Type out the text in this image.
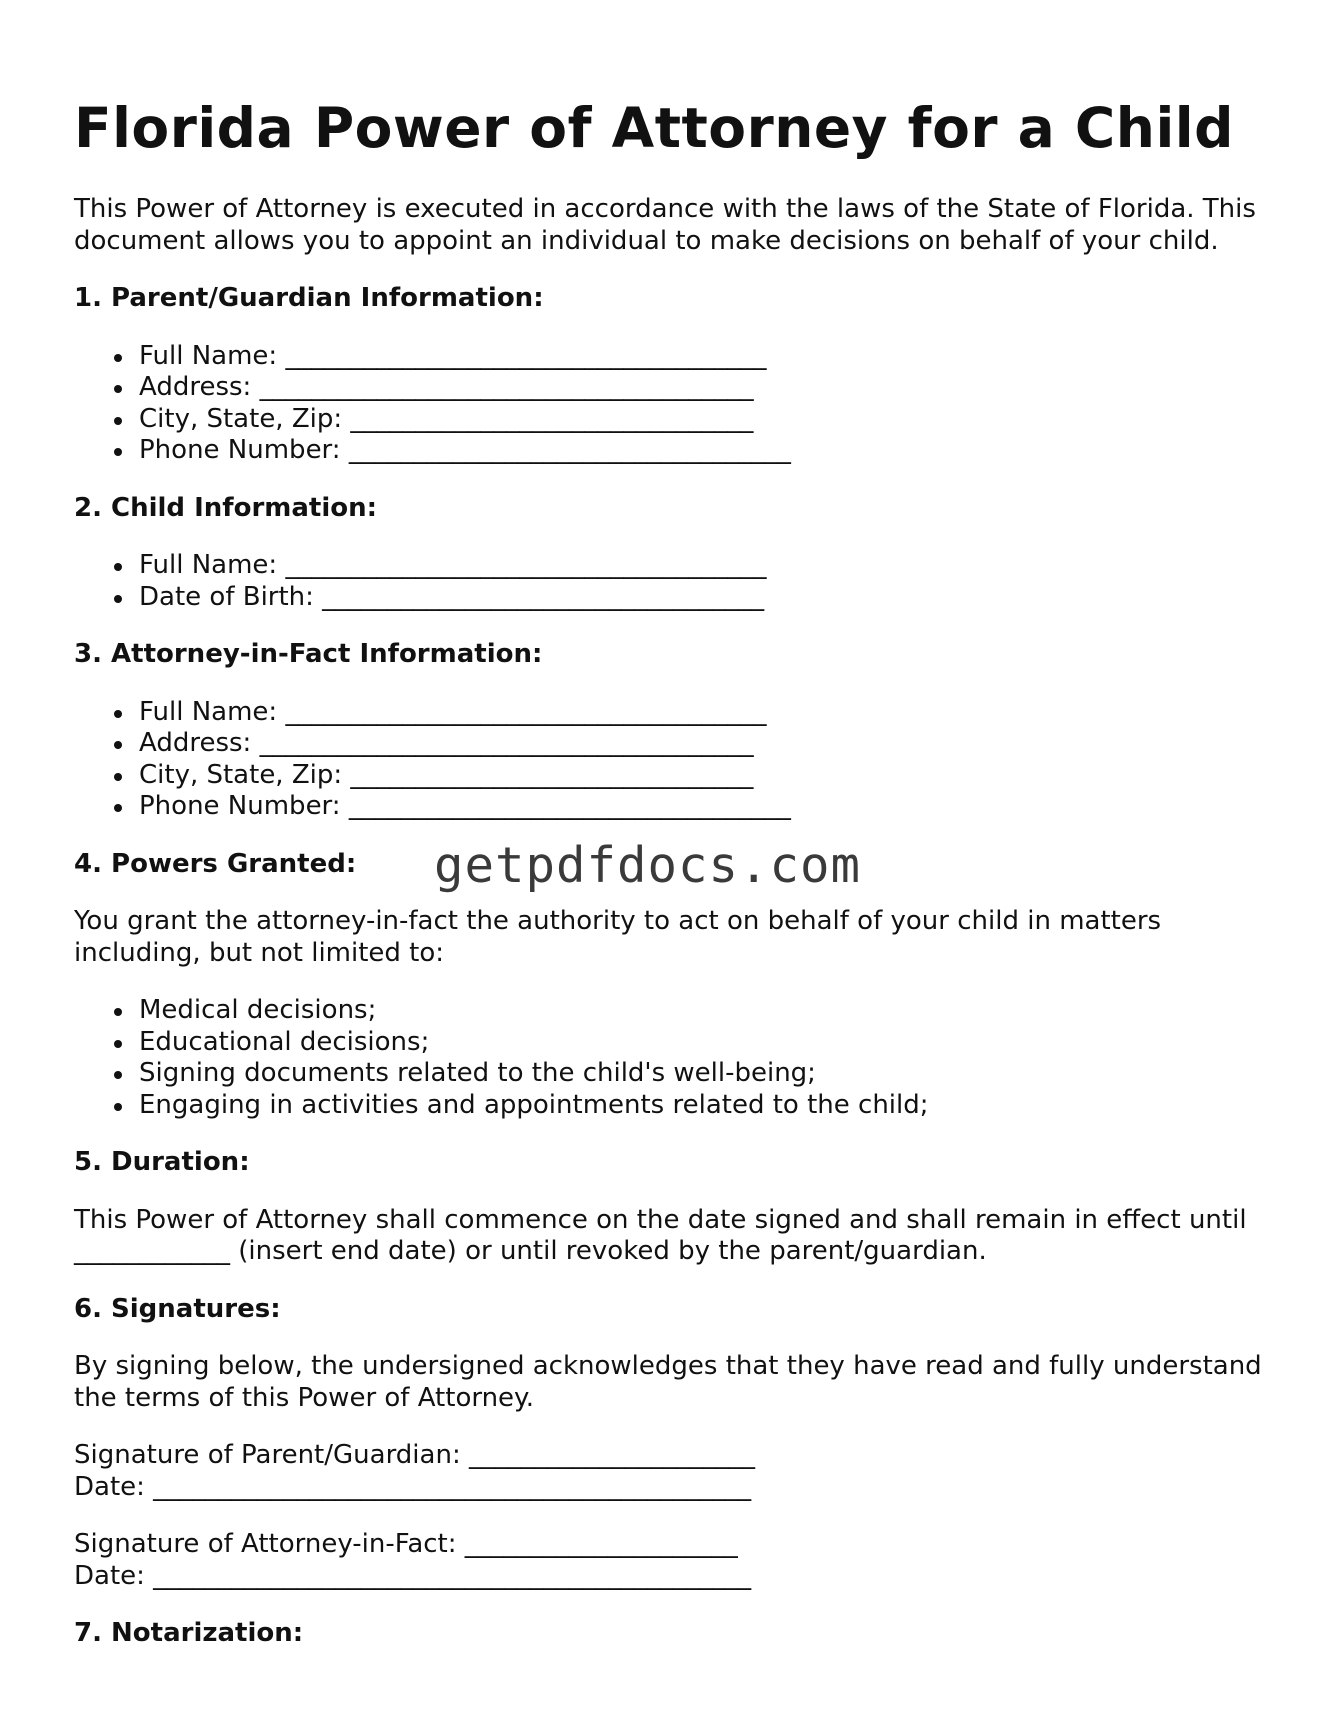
Florida Power of Attorney for a Child

This Power of Attorney is executed in accordance with the laws of the State of Florida. This document allows you to appoint an individual to make decisions on behalf of your child.

1. Parent/Guardian Information:
Full Name: _____________________________________
Address: ______________________________________
City, State, Zip: _______________________________
Phone Number: __________________________________
2. Child Information:
Full Name: _____________________________________
Date of Birth: __________________________________
3. Attorney-in-Fact Information:
Full Name: _____________________________________
Address: ______________________________________
City, State, Zip: _______________________________
Phone Number: __________________________________
4. Powers Granted:

You grant the attorney-in-fact the authority to act on behalf of your child in matters including, but not limited to:

Medical decisions;
Educational decisions;
Signing documents related to the child's well-being;
Engaging in activities and appointments related to the child;
5. Duration:

This Power of Attorney shall commence on the date signed and shall remain in effect until ____________ (insert end date) or until revoked by the parent/guardian.

6. Signatures:

By signing below, the undersigned acknowledges that they have read and fully understand the terms of this Power of Attorney.

Signature of Parent/Guardian: ______________________
Date: ______________________________________________
Signature of Attorney-in-Fact: _____________________
Date: ______________________________________________
7. Notarization:
getpdfdocs.com
